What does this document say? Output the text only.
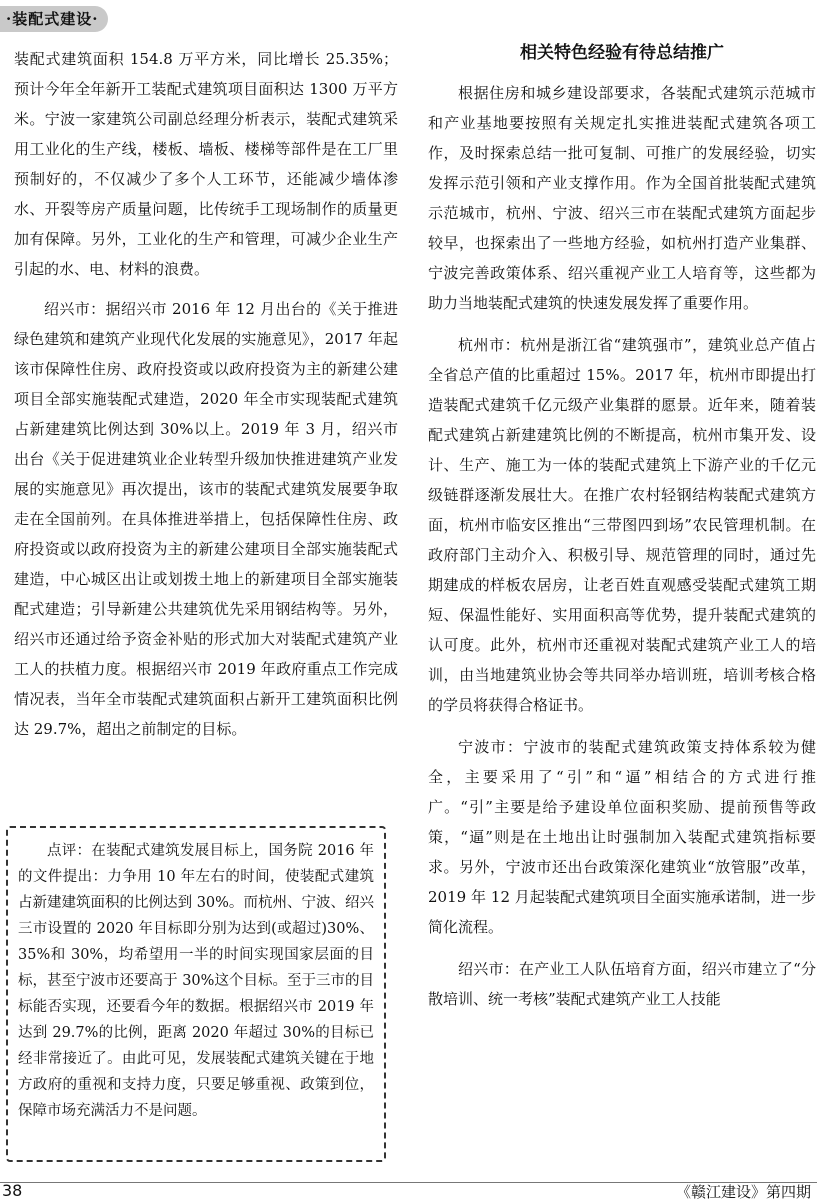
·装配式建设·

装配式建筑面积 154.8 万平方米，同比增长 25.35%；预计今年全年新开工装配式建筑项目面积达 1300 万平方米。宁波一家建筑公司副总经理分析表示，装配式建筑采用工业化的生产线，楼板、墙板、楼梯等部件是在工厂里预制好的，不仅减少了多个人工环节，还能减少墙体渗水、开裂等房产质量问题，比传统手工现场制作的质量更加有保障。另外，工业化的生产和管理，可减少企业生产引起的水、电、材料的浪费。

绍兴市：据绍兴市 2016 年 12 月出台的《关于推进绿色建筑和建筑产业现代化发展的实施意见》，2017 年起该市保障性住房、政府投资或以政府投资为主的新建公建项目全部实施装配式建造，2020 年全市实现装配式建筑占新建建筑比例达到 30%以上。2019 年 3 月，绍兴市出台《关于促进建筑业企业转型升级加快推进建筑产业发展的实施意见》再次提出，该市的装配式建筑发展要争取走在全国前列。在具体推进举措上，包括保障性住房、政府投资或以政府投资为主的新建公建项目全部实施装配式建造，中心城区出让或划拨土地上的新建项目全部实施装配式建造；引导新建公共建筑优先采用钢结构等。另外，绍兴市还通过给予资金补贴的形式加大对装配式建筑产业工人的扶植力度。根据绍兴市 2019 年政府重点工作完成情况表，当年全市装配式建筑面积占新开工建筑面积比例达 29.7%，超出之前制定的目标。

点评：在装配式建筑发展目标上，国务院 2016 年的文件提出：力争用 10 年左右的时间，使装配式建筑占新建建筑面积的比例达到 30%。而杭州、宁波、绍兴三市设置的 2020 年目标即分别为达到(或超过)30%、35%和 30%，均希望用一半的时间实现国家层面的目标，甚至宁波市还要高于 30%这个目标。至于三市的目标能否实现，还要看今年的数据。根据绍兴市 2019 年达到 29.7%的比例，距离 2020 年超过 30%的目标已经非常接近了。由此可见，发展装配式建筑关键在于地方政府的重视和支持力度，只要足够重视、政策到位，保障市场充满活力不是问题。

相关特色经验有待总结推广

根据住房和城乡建设部要求，各装配式建筑示范城市和产业基地要按照有关规定扎实推进装配式建筑各项工作，及时探索总结一批可复制、可推广的发展经验，切实发挥示范引领和产业支撑作用。作为全国首批装配式建筑示范城市，杭州、宁波、绍兴三市在装配式建筑方面起步较早，也探索出了一些地方经验，如杭州打造产业集群、宁波完善政策体系、绍兴重视产业工人培育等，这些都为助力当地装配式建筑的快速发展发挥了重要作用。

杭州市：杭州是浙江省“建筑强市”，建筑业总产值占全省总产值的比重超过 15%。2017 年，杭州市即提出打造装配式建筑千亿元级产业集群的愿景。近年来，随着装配式建筑占新建建筑比例的不断提高，杭州市集开发、设计、生产、施工为一体的装配式建筑上下游产业的千亿元级链群逐渐发展壮大。在推广农村轻钢结构装配式建筑方面，杭州市临安区推出“三带图四到场”农民管理机制。在政府部门主动介入、积极引导、规范管理的同时，通过先期建成的样板农居房，让老百姓直观感受装配式建筑工期短、保温性能好、实用面积高等优势，提升装配式建筑的认可度。此外，杭州市还重视对装配式建筑产业工人的培训，由当地建筑业协会等共同举办培训班，培训考核合格的学员将获得合格证书。

宁波市：宁波市的装配式建筑政策支持体系较为健全，主要采用了“引”和“逼”相结合的方式进行推广。“引”主要是给予建设单位面积奖励、提前预售等政策，“逼”则是在土地出让时强制加入装配式建筑指标要求。另外，宁波市还出台政策深化建筑业“放管服”改革，2019 年 12 月起装配式建筑项目全面实施承诺制，进一步简化流程。

绍兴市：在产业工人队伍培育方面，绍兴市建立了“分散培训、统一考核”装配式建筑产业工人技能

38	《赣江建设》第四期
